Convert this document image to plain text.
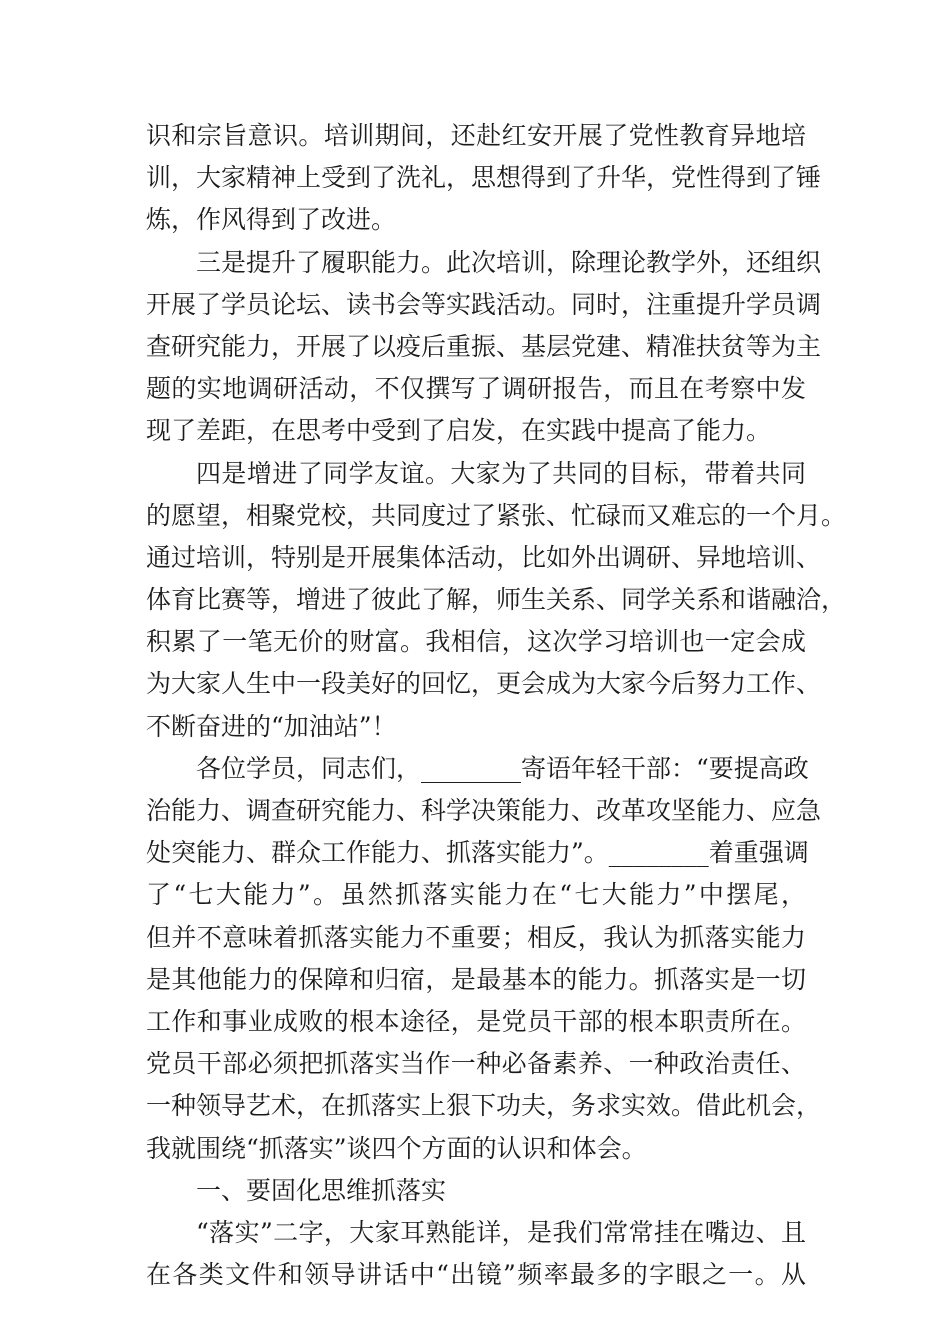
识和宗旨意识。培训期间，还赴红安开展了党性教育异地培
训，大家精神上受到了洗礼，思想得到了升华，党性得到了锤
炼，作风得到了改进。
三是提升了履职能力。此次培训，除理论教学外，还组织
开展了学员论坛、读书会等实践活动。同时，注重提升学员调
查研究能力，开展了以疫后重振、基层党建、精准扶贫等为主
题的实地调研活动，不仅撰写了调研报告，而且在考察中发
现了差距，在思考中受到了启发，在实践中提高了能力。
四是增进了同学友谊。大家为了共同的目标，带着共同
的愿望，相聚党校，共同度过了紧张、忙碌而又难忘的一个月。
通过培训，特别是开展集体活动，比如外出调研、异地培训、
体育比赛等，增进了彼此了解，师生关系、同学关系和谐融洽，
积累了一笔无价的财富。我相信，这次学习培训也一定会成
为大家人生中一段美好的回忆，更会成为大家今后努力工作、
不断奋进的“加油站”！
各位学员，同志们，________寄语年轻干部：“要提高政
治能力、调查研究能力、科学决策能力、改革攻坚能力、应急
处突能力、群众工作能力、抓落实能力”。________着重强调
了“七大能力”。虽然抓落实能力在“七大能力”中摆尾，
但并不意味着抓落实能力不重要；相反，我认为抓落实能力
是其他能力的保障和归宿，是最基本的能力。抓落实是一切
工作和事业成败的根本途径，是党员干部的根本职责所在。
党员干部必须把抓落实当作一种必备素养、一种政治责任、
一种领导艺术，在抓落实上狠下功夫，务求实效。借此机会，
我就围绕“抓落实”谈四个方面的认识和体会。
一、要固化思维抓落实
“落实”二字，大家耳熟能详，是我们常常挂在嘴边、且
在各类文件和领导讲话中“出镜”频率最多的字眼之一。从
